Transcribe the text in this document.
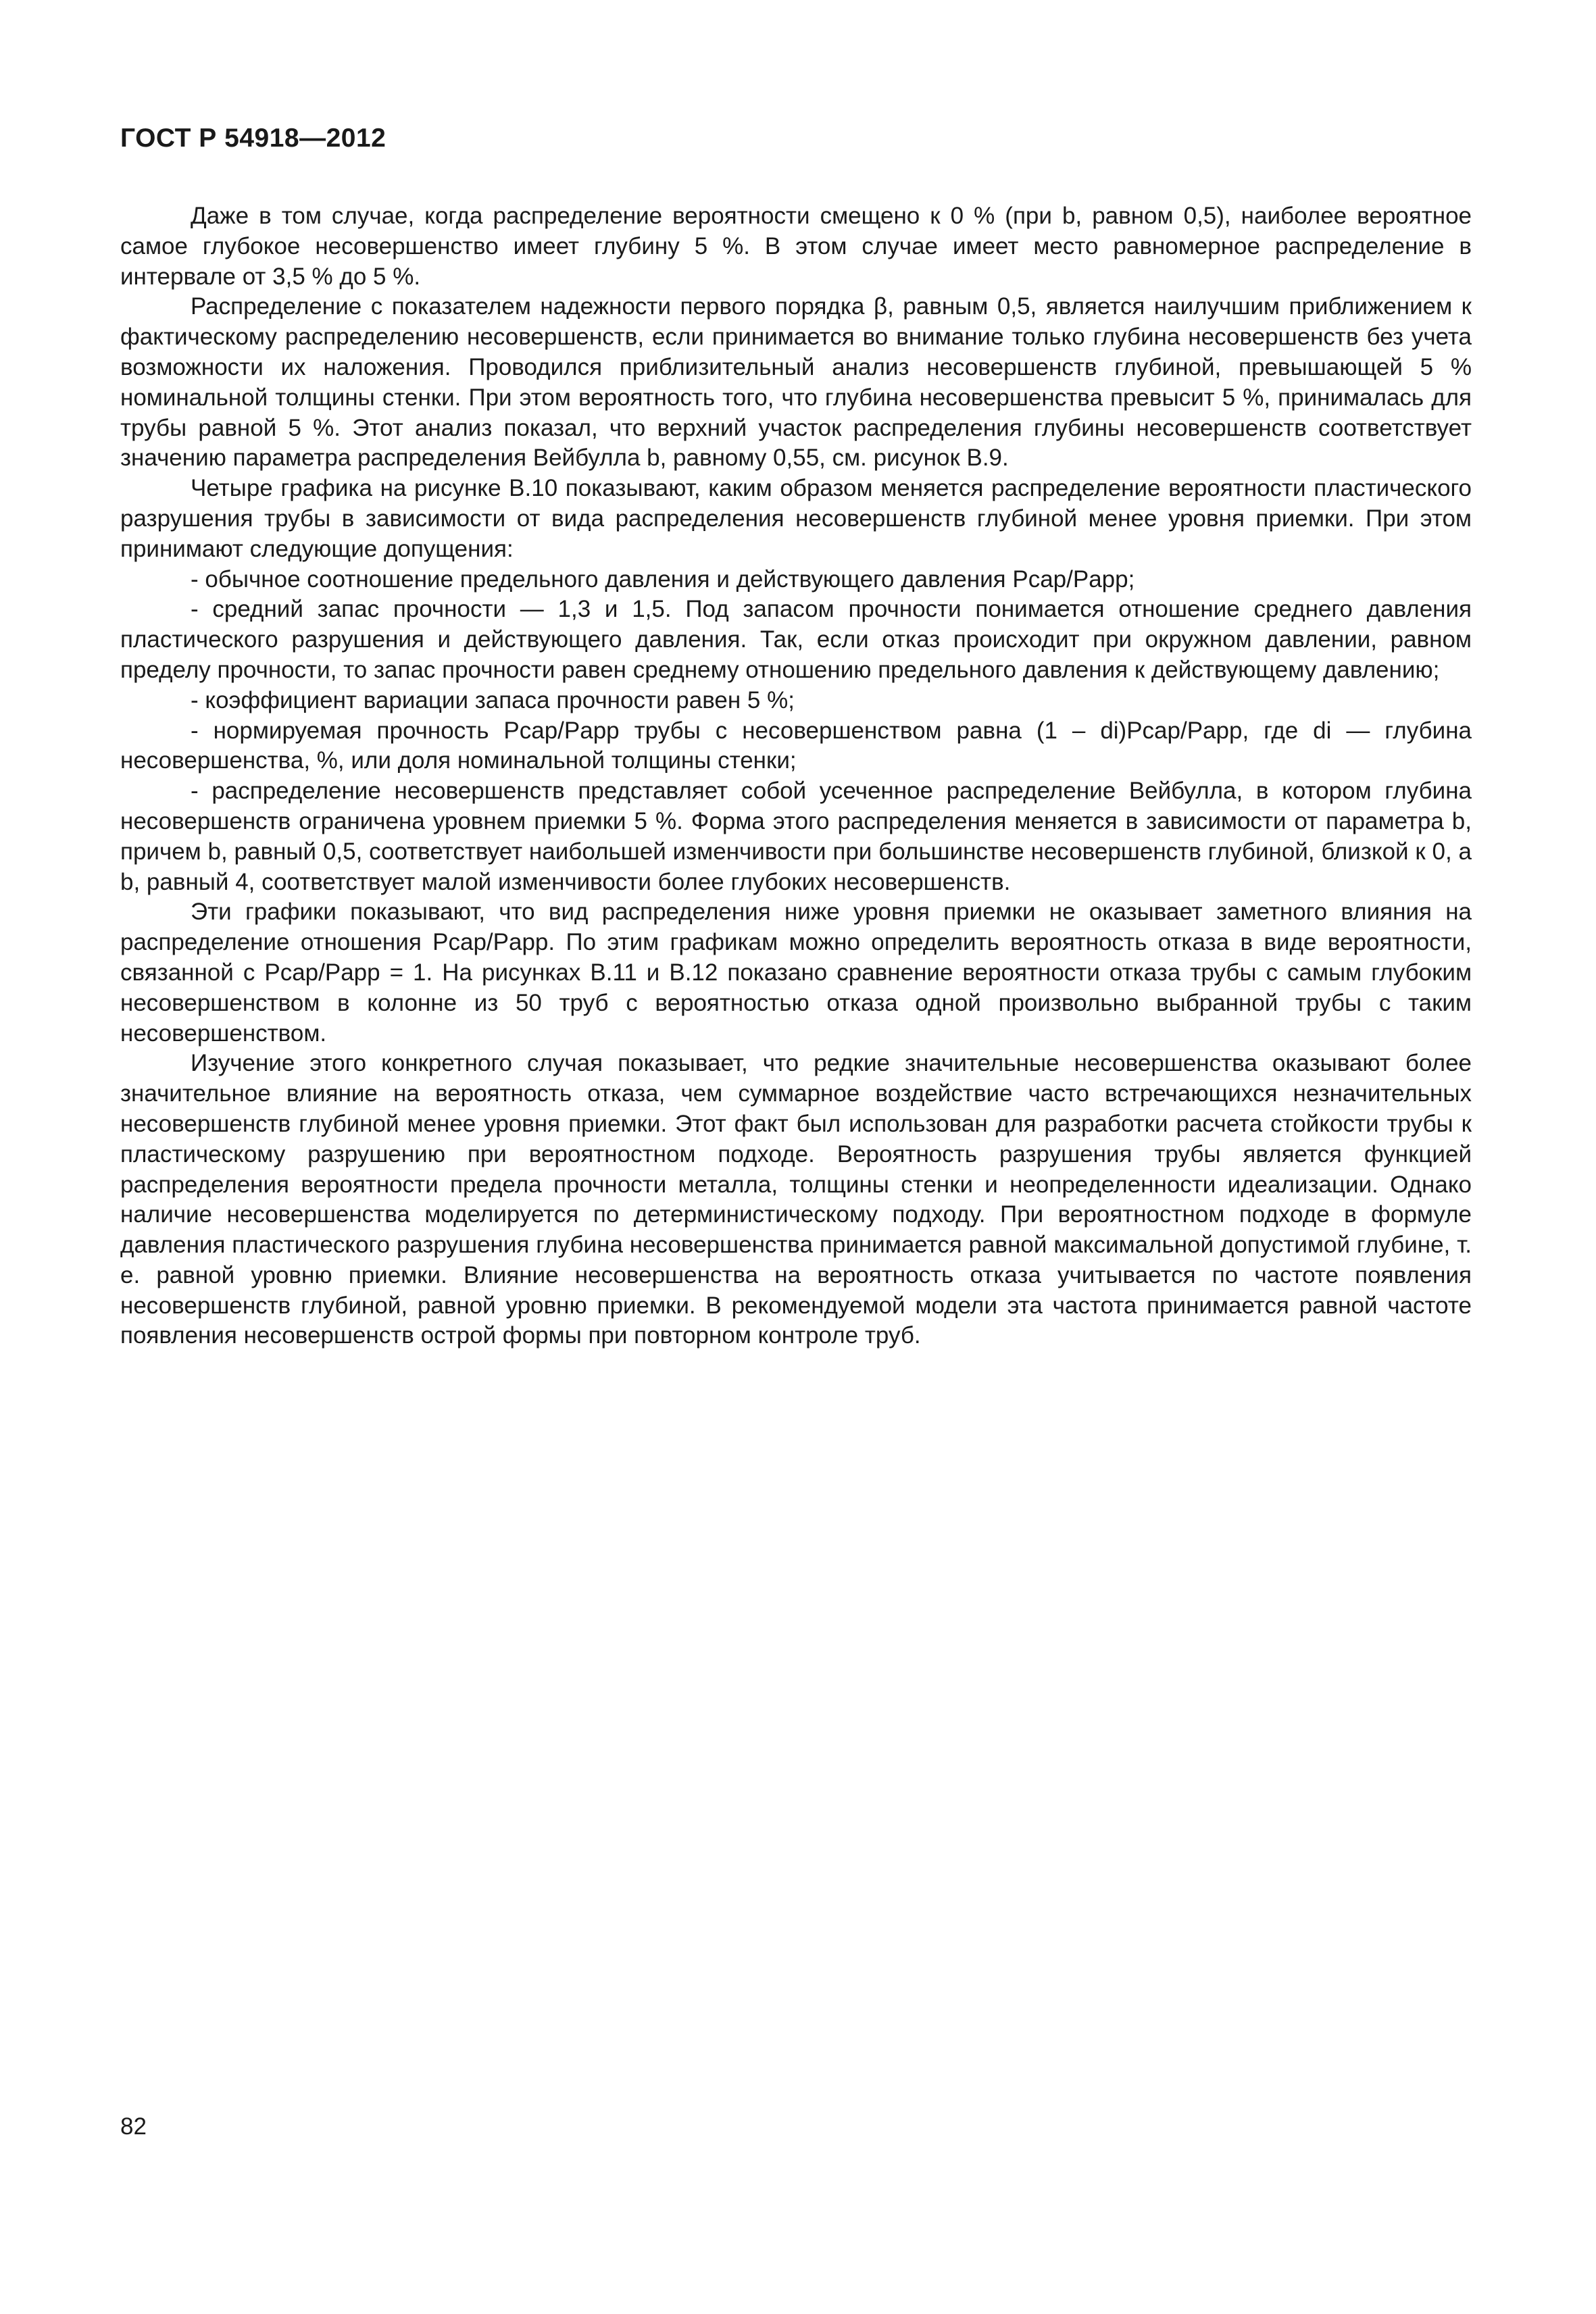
ГОСТ Р 54918—2012

Даже в том случае, когда распределение вероятности смещено к 0 % (при b, равном 0,5), наиболее вероятное самое глубокое несовершенство имеет глубину 5 %. В этом случае имеет место равномерное распределение в интервале от 3,5 % до 5 %.

Распределение с показателем надежности первого порядка β, равным 0,5, является наилучшим приближением к фактическому распределению несовершенств, если принимается во внимание только глубина несовершенств без учета возможности их наложения. Проводился приблизительный анализ несовершенств глубиной, превышающей 5 % номинальной толщины стенки. При этом вероятность того, что глубина несовершенства превысит 5 %, принималась для трубы равной 5 %. Этот анализ показал, что верхний участок распределения глубины несовершенств соответствует значению параметра распределения Вейбулла b, равному 0,55, см. рисунок В.9.

Четыре графика на рисунке В.10 показывают, каким образом меняется распределение вероятности пластического разрушения трубы в зависимости от вида распределения несовершенств глубиной менее уровня приемки. При этом принимают следующие допущения:

- обычное соотношение предельного давления и действующего давления Pcap/Papp;

- средний запас прочности — 1,3 и 1,5. Под запасом прочности понимается отношение среднего давления пластического разрушения и действующего давления. Так, если отказ происходит при окружном давлении, равном пределу прочности, то запас прочности равен среднему отношению предельного давления к действующему давлению;

- коэффициент вариации запаса прочности равен 5 %;

- нормируемая прочность Pcap/Papp трубы с несовершенством равна (1 – di)Pcap/Papp, где di — глубина несовершенства, %, или доля номинальной толщины стенки;

- распределение несовершенств представляет собой усеченное распределение Вейбулла, в котором глубина несовершенств ограничена уровнем приемки 5 %. Форма этого распределения меняется в зависимости от параметра b, причем b, равный 0,5, соответствует наибольшей изменчивости при большинстве несовершенств глубиной, близкой к 0, а b, равный 4, соответствует малой изменчивости более глубоких несовершенств.

Эти графики показывают, что вид распределения ниже уровня приемки не оказывает заметного влияния на распределение отношения Pcap/Papp. По этим графикам можно определить вероятность отказа в виде вероятности, связанной с Pcap/Papp = 1. На рисунках В.11 и В.12 показано сравнение вероятности отказа трубы с самым глубоким несовершенством в колонне из 50 труб с вероятностью отказа одной произвольно выбранной трубы с таким несовершенством.

Изучение этого конкретного случая показывает, что редкие значительные несовершенства оказывают более значительное влияние на вероятность отказа, чем суммарное воздействие часто встречающихся незначительных несовершенств глубиной менее уровня приемки. Этот факт был использован для разработки расчета стойкости трубы к пластическому разрушению при вероятностном подходе. Вероятность разрушения трубы является функцией распределения вероятности предела прочности металла, толщины стенки и неопределенности идеализации. Однако наличие несовершенства моделируется по детерминистическому подходу. При вероятностном подходе в формуле давления пластического разрушения глубина несовершенства принимается равной максимальной допустимой глубине, т. е. равной уровню приемки. Влияние несовершенства на вероятность отказа учитывается по частоте появления несовершенств глубиной, равной уровню приемки. В рекомендуемой модели эта частота принимается равной частоте появления несовершенств острой формы при повторном контроле труб.

82
